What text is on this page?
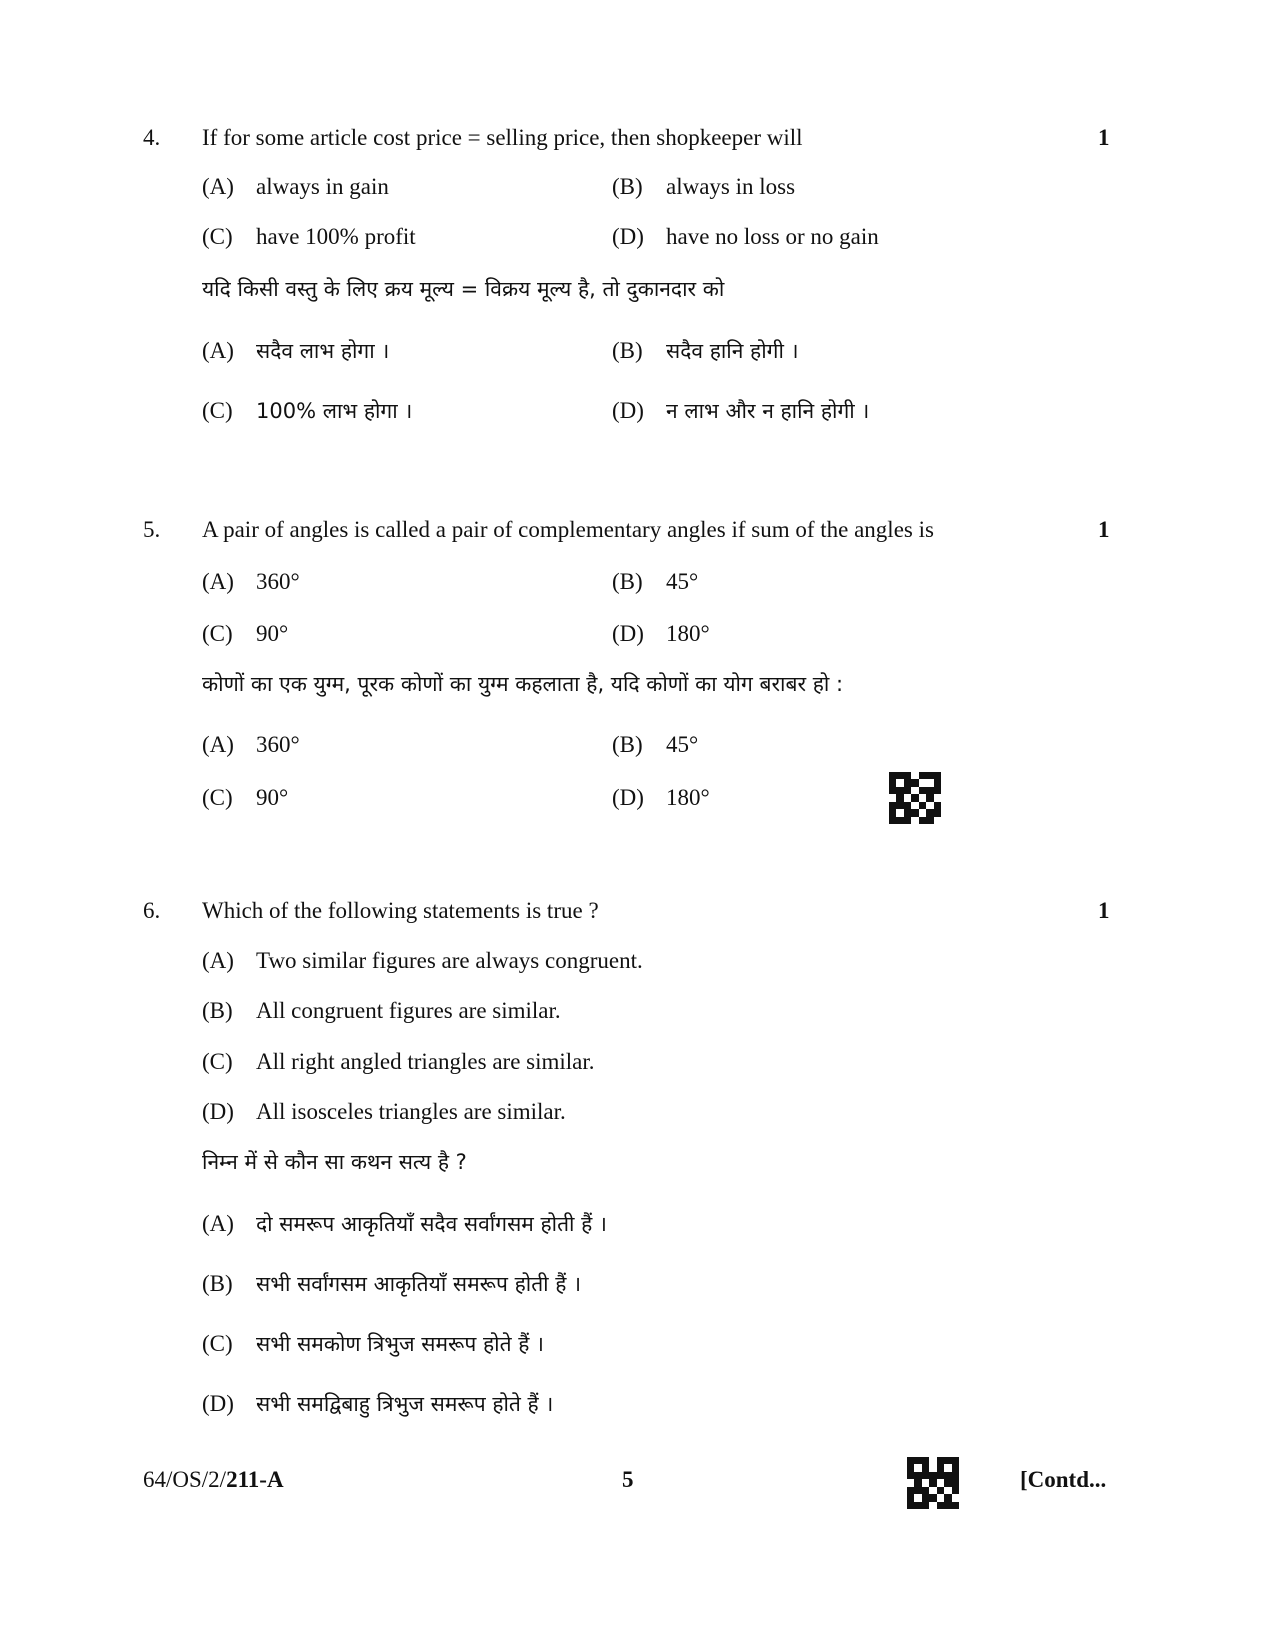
4. If for some article cost price = selling price, then shopkeeper will	1
(A) always in gain	(B) always in loss
(C) have 100% profit	(D) have no loss or no gain
यदि किसी वस्तु के लिए क्रय मूल्य = विक्रय मूल्य है, तो दुकानदार को
(A) सदैव लाभ होगा ।	(B) सदैव हानि होगी ।
(C) 100% लाभ होगा ।	(D) न लाभ और न हानि होगी ।
5. A pair of angles is called a pair of complementary angles if sum of the angles is	1
(A) 360°	(B) 45°
(C) 90°	(D) 180°
कोणों का एक युग्म, पूरक कोणों का युग्म कहलाता है, यदि कोणों का योग बराबर हो :
(A) 360°	(B) 45°
(C) 90°	(D) 180°
6. Which of the following statements is true ?	1
(A) Two similar figures are always congruent.
(B) All congruent figures are similar.
(C) All right angled triangles are similar.
(D) All isosceles triangles are similar.
निम्न में से कौन सा कथन सत्य है ?
(A) दो समरूप आकृतियाँ सदैव सर्वांगसम होती हैं ।
(B) सभी सर्वांगसम आकृतियाँ समरूप होती हैं ।
(C) सभी समकोण त्रिभुज समरूप होते हैं ।
(D) सभी समद्विबाहु त्रिभुज समरूप होते हैं ।
64/OS/2/211-A	5	[Contd...
